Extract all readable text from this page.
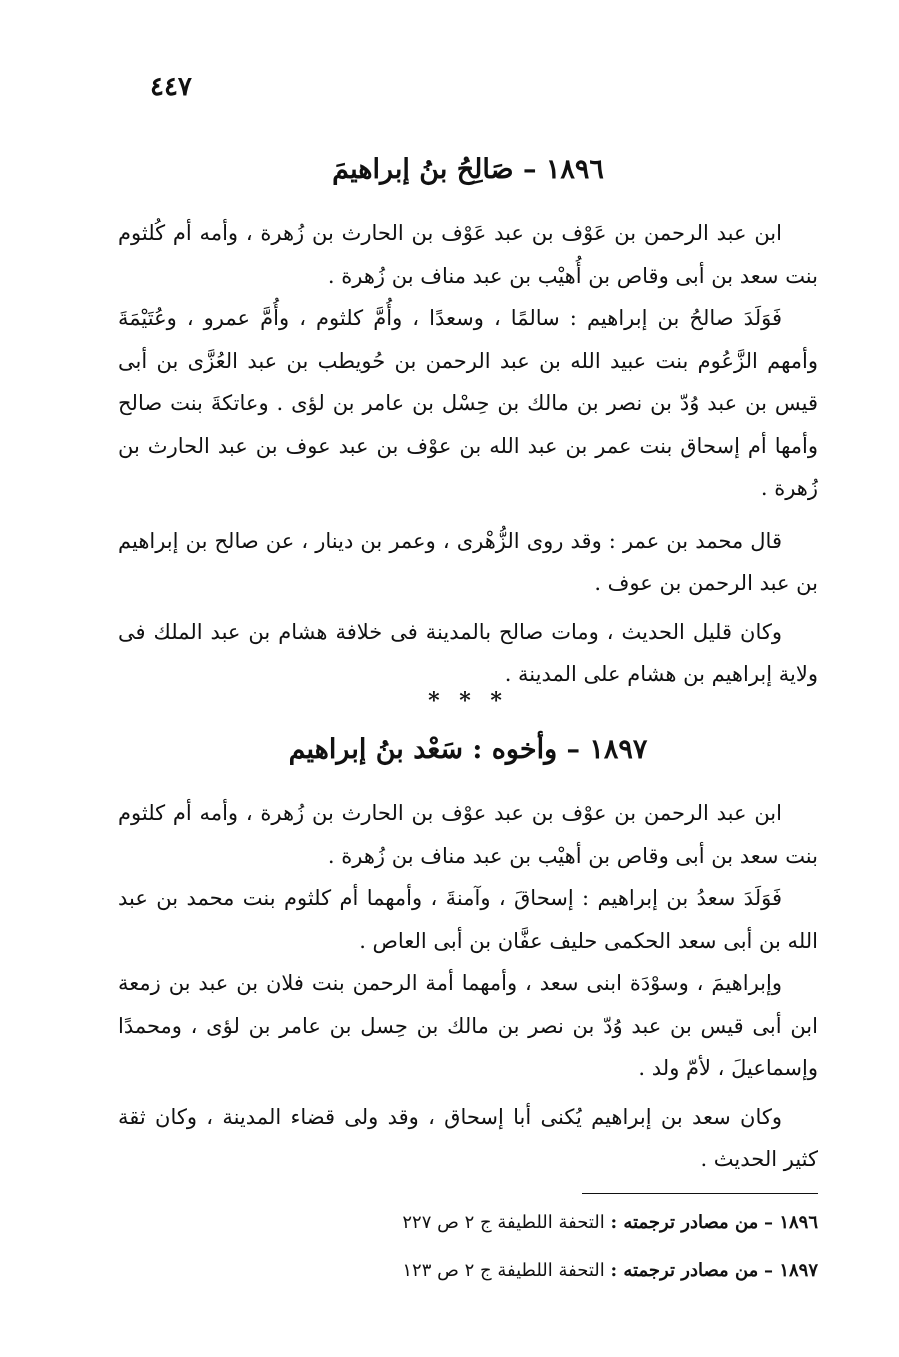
٤٤٧
١٨٩٦ – صَالِحُ بنُ إبراهيمَ

ابن عبد الرحمن بن عَوْف بن عبد عَوْف بن الحارث بن زُهرة ، وأمه أم كُلثوم بنت سعد بن أبى وقاص بن أُهيْب بن عبد مناف بن زُهرة .

فَوَلَدَ صالحُ بن إبراهيم : سالمًا ، وسعدًا ، وأُمَّ كلثوم ، وأُمَّ عمرو ، وعُتَيْمَةَ وأمهم الزَّعُوم بنت عبيد الله بن عبد الرحمن بن حُويطب بن عبد العُزَّى بن أبى قيس بن عبد وُدّ بن نصر بن مالك بن حِسْل بن عامر بن لؤى . وعاتكةَ بنت صالح وأمها أم إسحاق بنت عمر بن عبد الله بن عوْف بن عبد عوف بن عبد الحارث بن زُهرة .

قال محمد بن عمر : وقد روى الزُّهْرى ، وعمر بن دينار ، عن صالح بن إبراهيم بن عبد الرحمن بن عوف .

وكان قليل الحديث ، ومات صالح بالمدينة فى خلافة هشام بن عبد الملك فى ولاية إبراهيم بن هشام على المدينة .

* * *
١٨٩٧ – وأخوه : سَعْد بنُ إبراهيم

ابن عبد الرحمن بن عوْف بن عبد عوْف بن الحارث بن زُهرة ، وأمه أم كلثوم بنت سعد بن أبى وقاص بن أهيْب بن عبد مناف بن زُهرة .

فَوَلَدَ سعدُ بن إبراهيم : إسحاقَ ، وآمنةَ ، وأمهما أم كلثوم بنت محمد بن عبد الله بن أبى سعد الحكمى حليف عفَّان بن أبى العاص .

وإبراهيمَ ، وسوْدَة ابنى سعد ، وأمهما أمة الرحمن بنت فلان بن عبد بن زمعة ابن أبى قيس بن عبد وُدّ بن نصر بن مالك بن حِسل بن عامر بن لؤى ، ومحمدًا وإسماعيلَ ، لأمّ ولد .

وكان سعد بن إبراهيم يُكنى أبا إسحاق ، وقد ولى قضاء المدينة ، وكان ثقة كثير الحديث .

١٨٩٦ – من مصادر ترجمته : التحفة اللطيفة ج ٢ ص ٢٢٧
١٨٩٧ – من مصادر ترجمته : التحفة اللطيفة ج ٢ ص ١٢٣
